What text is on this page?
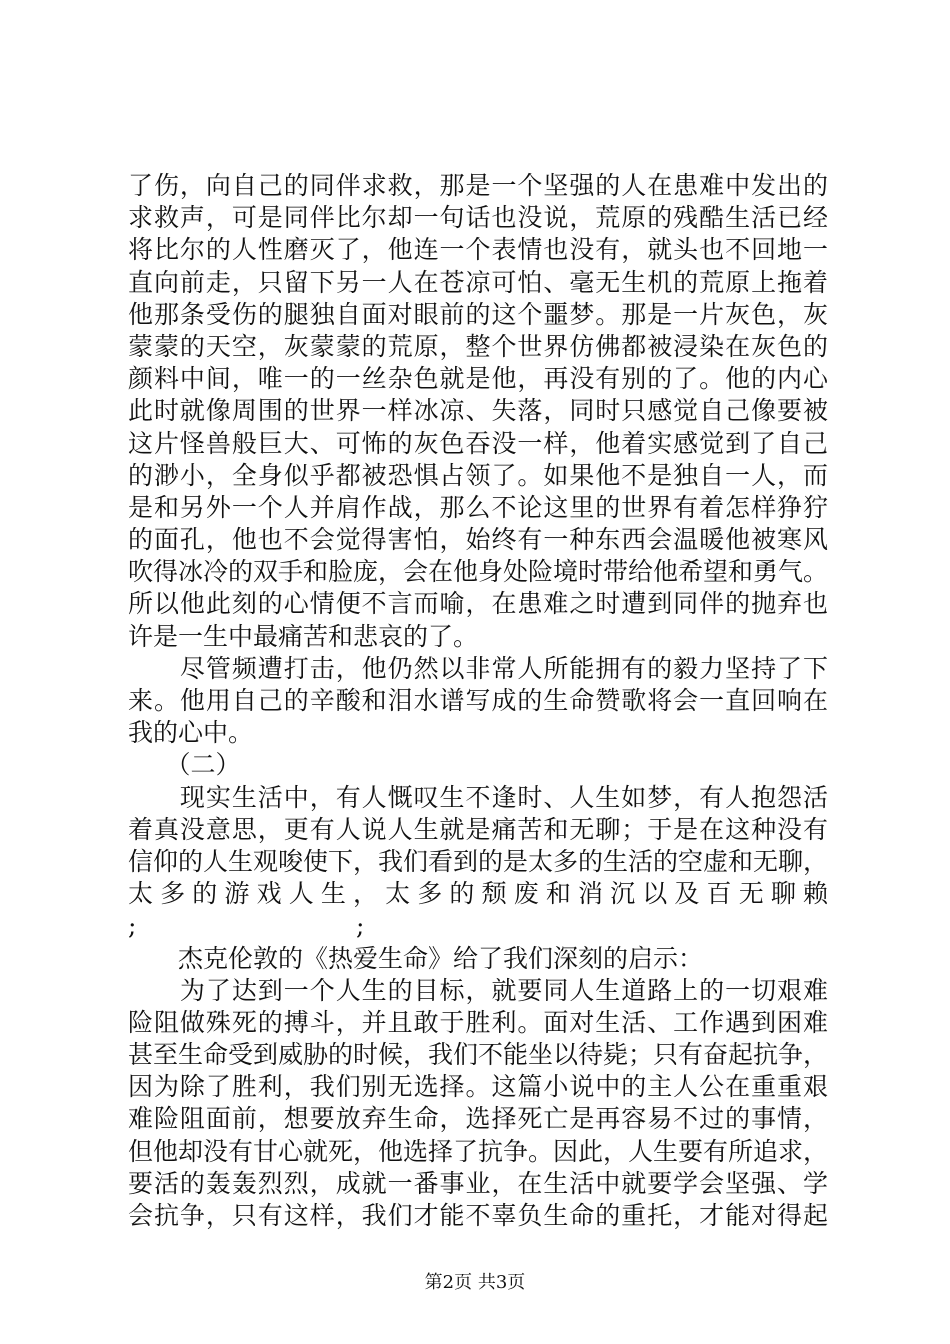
了伤，向自己的同伴求救，那是一个坚强的人在患难中发出的
求救声，可是同伴比尔却一句话也没说，荒原的残酷生活已经
将比尔的人性磨灭了，他连一个表情也没有，就头也不回地一
直向前走，只留下另一人在苍凉可怕、毫无生机的荒原上拖着
他那条受伤的腿独自面对眼前的这个噩梦。那是一片灰色，灰
蒙蒙的天空，灰蒙蒙的荒原，整个世界仿佛都被浸染在灰色的
颜料中间，唯一的一丝杂色就是他，再没有别的了。他的内心
此时就像周围的世界一样冰凉、失落，同时只感觉自己像要被
这片怪兽般巨大、可怖的灰色吞没一样，他着实感觉到了自己
的渺小，全身似乎都被恐惧占领了。如果他不是独自一人，而
是和另外一个人并肩作战，那么不论这里的世界有着怎样狰狞
的面孔，他也不会觉得害怕，始终有一种东西会温暖他被寒风
吹得冰冷的双手和脸庞，会在他身处险境时带给他希望和勇气。
所以他此刻的心情便不言而喻，在患难之时遭到同伴的抛弃也
许是一生中最痛苦和悲哀的了。
　　尽管频遭打击，他仍然以非常人所能拥有的毅力坚持了下
来。他用自己的辛酸和泪水谱写成的生命赞歌将会一直回响在
我的心中。
　　（二）
　　现实生活中，有人慨叹生不逢时、人生如梦，有人抱怨活
着真没意思，更有人说人生就是痛苦和无聊；于是在这种没有
信仰的人生观唆使下，我们看到的是太多的生活的空虚和无聊，
太多的游戏人生，太多的颓废和消沉以及百无聊赖
;	;
　　杰克伦敦的《热爱生命》给了我们深刻的启示：
　　为了达到一个人生的目标，就要同人生道路上的一切艰难
险阻做殊死的搏斗，并且敢于胜利。面对生活、工作遇到困难
甚至生命受到威胁的时候，我们不能坐以待毙；只有奋起抗争，
因为除了胜利，我们别无选择。这篇小说中的主人公在重重艰
难险阻面前，想要放弃生命，选择死亡是再容易不过的事情，
但他却没有甘心就死，他选择了抗争。因此，人生要有所追求，
要活的轰轰烈烈，成就一番事业，在生活中就要学会坚强、学
会抗争，只有这样，我们才能不辜负生命的重托，才能对得起
第2页 共3页
